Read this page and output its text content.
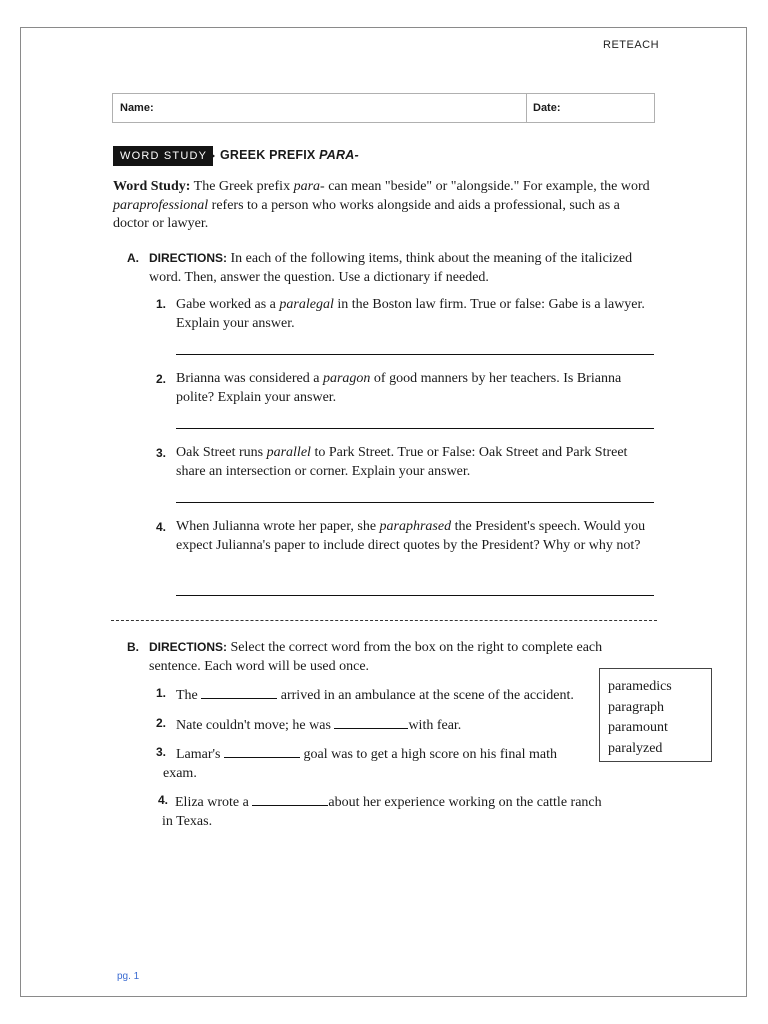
RETEACH
Name:	Date:
WORD STUDY	GREEK PREFIX PARA-
Word Study: The Greek prefix para- can mean "beside" or "alongside." For example, the word paraprofessional refers to a person who works alongside and aids a professional, such as a doctor or lawyer.
A. DIRECTIONS: In each of the following items, think about the meaning of the italicized word. Then, answer the question. Use a dictionary if needed.
1. Gabe worked as a paralegal in the Boston law firm. True or false: Gabe is a lawyer. Explain your answer.
2. Brianna was considered a paragon of good manners by her teachers. Is Brianna polite? Explain your answer.
3. Oak Street runs parallel to Park Street. True or False: Oak Street and Park Street share an intersection or corner. Explain your answer.
4. When Julianna wrote her paper, she paraphrased the President's speech. Would you expect Julianna's paper to include direct quotes by the President? Why or why not?
B. DIRECTIONS: Select the correct word from the box on the right to complete each sentence. Each word will be used once.
1. The	arrived in an ambulance at the scene of the accident.
2. Nate couldn't move; he was	with fear.
3. Lamar's	goal was to get a high score on his final math exam.
4. Eliza wrote a	about her experience working on the cattle ranch in Texas.
paramedics
paragraph
paramount
paralyzed
pg. 1
